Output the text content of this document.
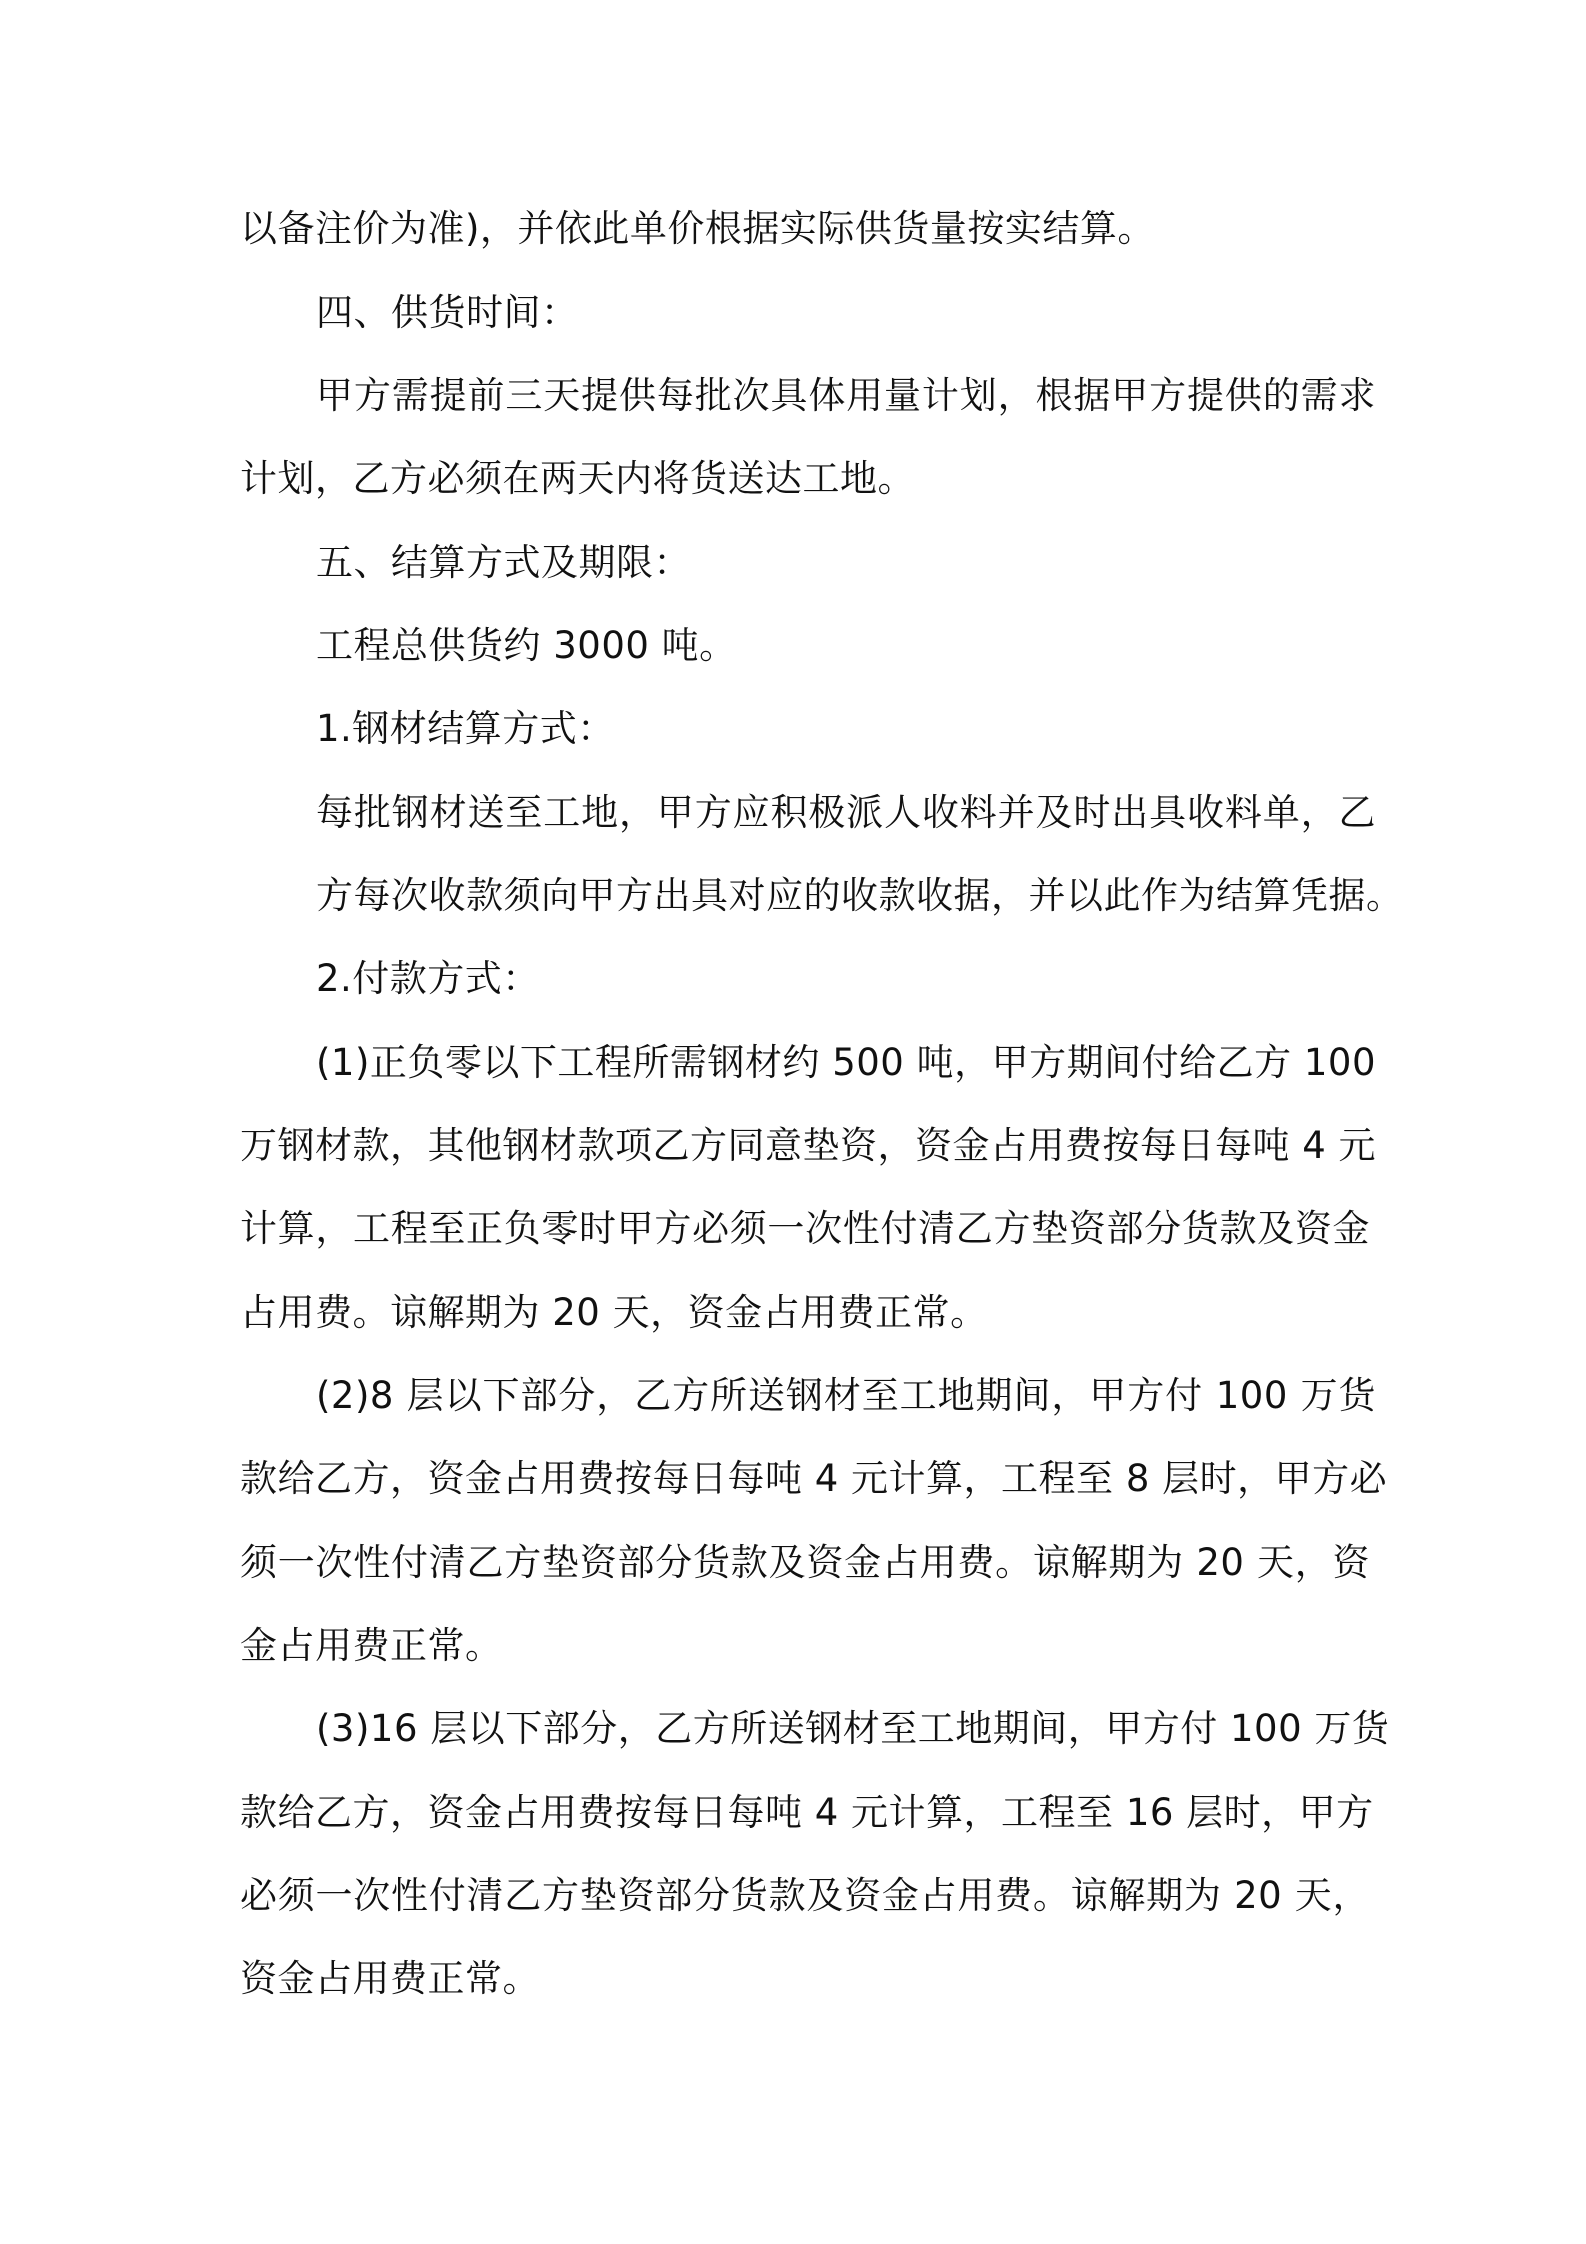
以备注价为准)，并依此单价根据实际供货量按实结算。
四、供货时间：
甲方需提前三天提供每批次具体用量计划，根据甲方提供的需求
计划，乙方必须在两天内将货送达工地。
五、结算方式及期限：
工程总供货约 3000 吨。
1.钢材结算方式：
每批钢材送至工地，甲方应积极派人收料并及时出具收料单，乙
方每次收款须向甲方出具对应的收款收据，并以此作为结算凭据。
2.付款方式：
(1)正负零以下工程所需钢材约 500 吨，甲方期间付给乙方 100
万钢材款，其他钢材款项乙方同意垫资，资金占用费按每日每吨 4 元
计算，工程至正负零时甲方必须一次性付清乙方垫资部分货款及资金
占用费。谅解期为 20 天，资金占用费正常。
(2)8 层以下部分，乙方所送钢材至工地期间，甲方付 100 万货
款给乙方，资金占用费按每日每吨 4 元计算，工程至 8 层时，甲方必
须一次性付清乙方垫资部分货款及资金占用费。谅解期为 20 天，资
金占用费正常。
(3)16 层以下部分，乙方所送钢材至工地期间，甲方付 100 万货
款给乙方，资金占用费按每日每吨 4 元计算，工程至 16 层时，甲方
必须一次性付清乙方垫资部分货款及资金占用费。谅解期为 20 天，
资金占用费正常。
